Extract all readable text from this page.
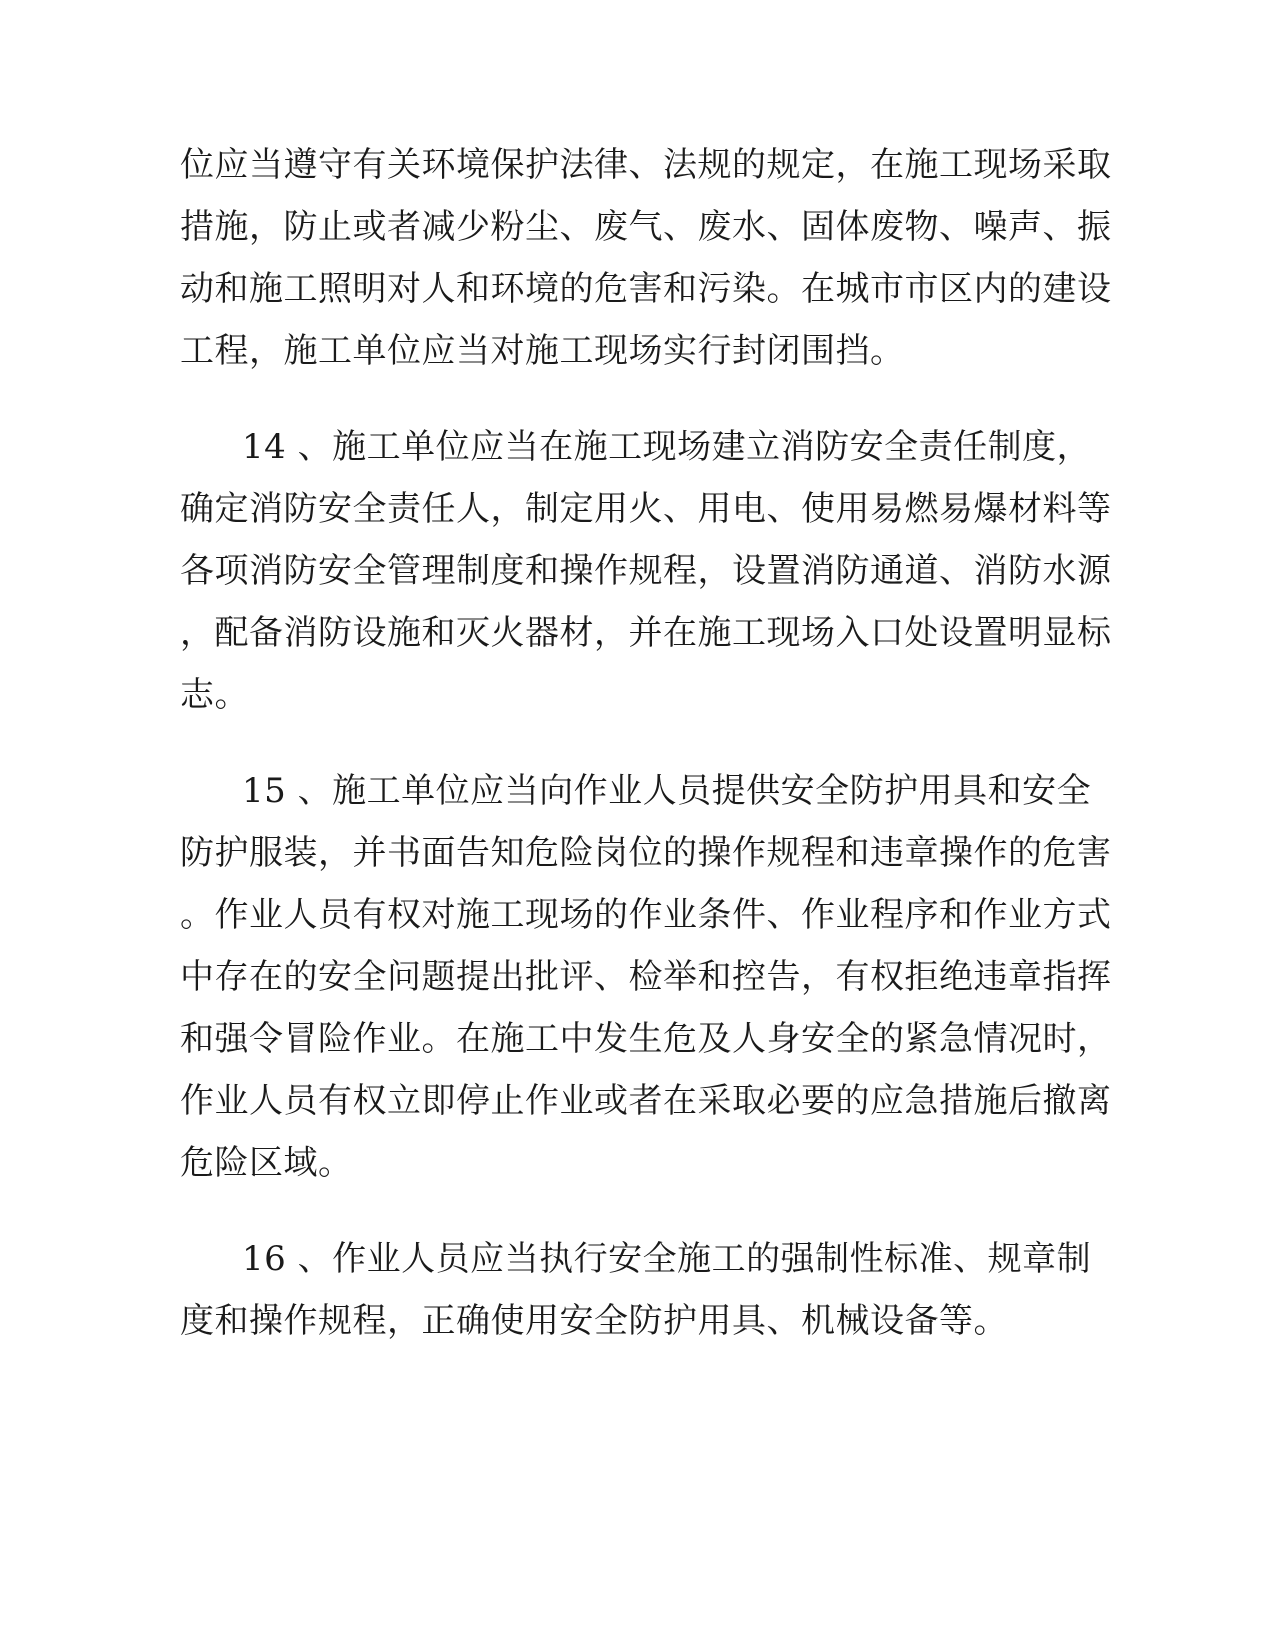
位应当遵守有关环境保护法律、法规的规定，在施工现场采取
措施，防止或者减少粉尘、废气、废水、固体废物、噪声、振
动和施工照明对人和环境的危害和污染。在城市市区内的建设
工程，施工单位应当对施工现场实行封闭围挡。

14 、施工单位应当在施工现场建立消防安全责任制度，
确定消防安全责任人，制定用火、用电、使用易燃易爆材料等
各项消防安全管理制度和操作规程，设置消防通道、消防水源
，配备消防设施和灭火器材，并在施工现场入口处设置明显标
志。

15 、施工单位应当向作业人员提供安全防护用具和安全
防护服装，并书面告知危险岗位的操作规程和违章操作的危害
。作业人员有权对施工现场的作业条件、作业程序和作业方式
中存在的安全问题提出批评、检举和控告，有权拒绝违章指挥
和强令冒险作业。在施工中发生危及人身安全的紧急情况时，
作业人员有权立即停止作业或者在采取必要的应急措施后撤离
危险区域。

16 、作业人员应当执行安全施工的强制性标准、规章制
度和操作规程，正确使用安全防护用具、机械设备等。
